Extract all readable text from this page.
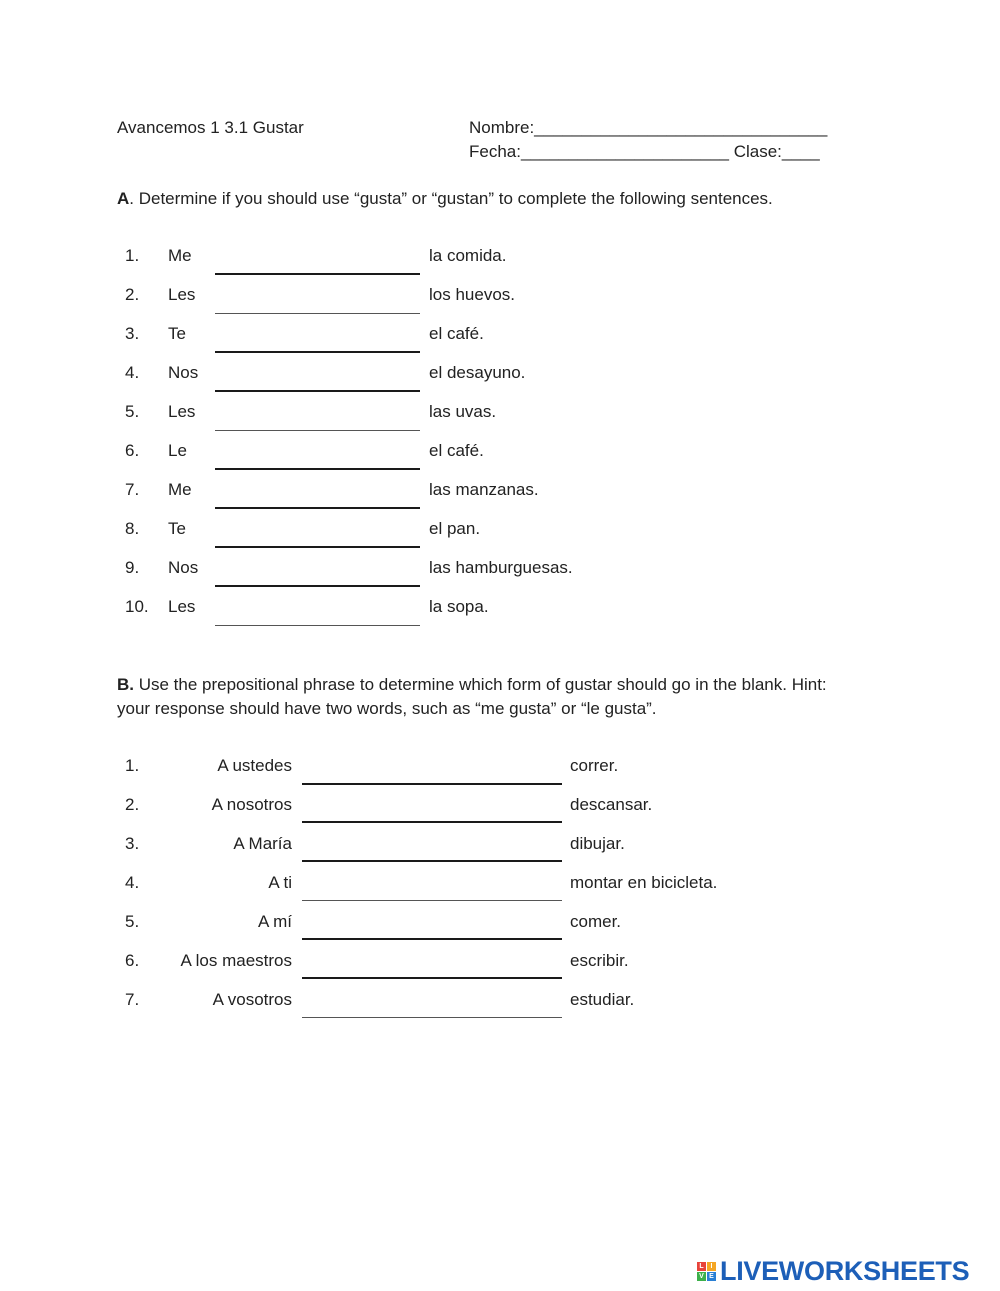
Avancemos 1 3.1 Gustar	Nombre:_______________________________
Fecha:______________________ Clase:____
A. Determine if you should use “gusta” or “gustan” to complete the following sentences.
1. Me	la comida.
2. Les	los huevos.
3. Te	el café.
4. Nos	el desayuno.
5. Les	las uvas.
6. Le	el café.
7. Me	las manzanas.
8. Te	el pan.
9. Nos	las hamburguesas.
10. Les	la sopa.
B. Use the prepositional phrase to determine which form of gustar should go in the blank. Hint:
your response should have two words, such as “me gusta” or “le gusta”.
1.	A ustedes	correr.
2.	A nosotros	descansar.
3.	A María	dibujar.
4.	A ti	montar en bicicleta.
5.	A mí	comer.
6.	A los maestros	escribir.
7.	A vosotros	estudiar.
L I
V E LIVEWORKSHEETS
